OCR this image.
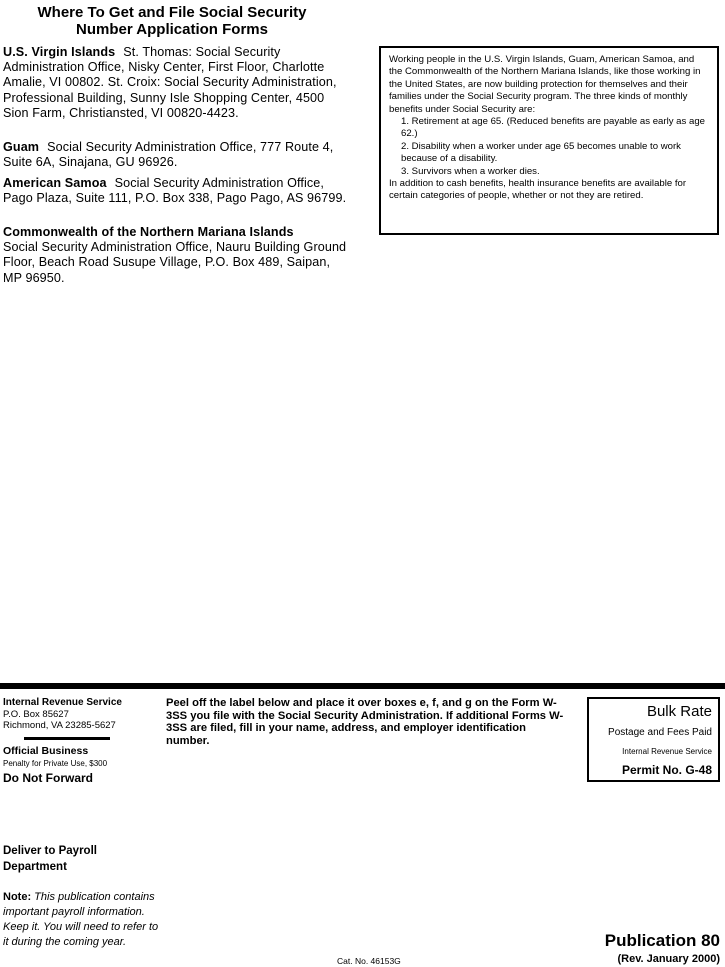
Where To Get and File Social Security
Number Application Forms
U.S. Virgin Islands St. Thomas: Social Security Administration Office, Nisky Center, First Floor, Charlotte Amalie, VI 00802. St. Croix: Social Security Administration, Professional Building, Sunny Isle Shopping Center, 4500 Sion Farm, Christiansted, VI 00820-4423.
Guam Social Security Administration Office, 777 Route 4, Suite 6A, Sinajana, GU 96926.
American Samoa Social Security Administration Office, Pago Plaza, Suite 111, P.O. Box 338, Pago Pago, AS 96799.
Commonwealth of the Northern Mariana Islands
Social Security Administration Office, Nauru Building Ground Floor, Beach Road Susupe Village, P.O. Box 489, Saipan, MP 96950.
Working people in the U.S. Virgin Islands, Guam, American Samoa, and the Commonwealth of the Northern Mariana Islands, like those working in the United States, are now building protection for themselves and their families under the Social Security program. The three kinds of monthly benefits under Social Security are:
1. Retirement at age 65. (Reduced benefits are payable as early as age 62.)
2. Disability when a worker under age 65 becomes unable to work because of a disability.
3. Survivors when a worker dies.
In addition to cash benefits, health insurance benefits are available for certain categories of people, whether or not they are retired.
Internal Revenue Service
P.O. Box 85627
Richmond, VA 23285-5627
Official Business
Penalty for Private Use, $300
Do Not Forward
Peel off the label below and place it over boxes e, f, and g on the Form W-3SS you file with the Social Security Administration. If additional Forms W-3SS are filed, fill in your name, address, and employer identification number.
Bulk Rate
Postage and Fees Paid
Internal Revenue Service
Permit No. G-48
Deliver to Payroll Department
Note: This publication contains important payroll information. Keep it. You will need to refer to it during the coming year.
Cat. No. 46153G
Publication 80
(Rev. January 2000)
